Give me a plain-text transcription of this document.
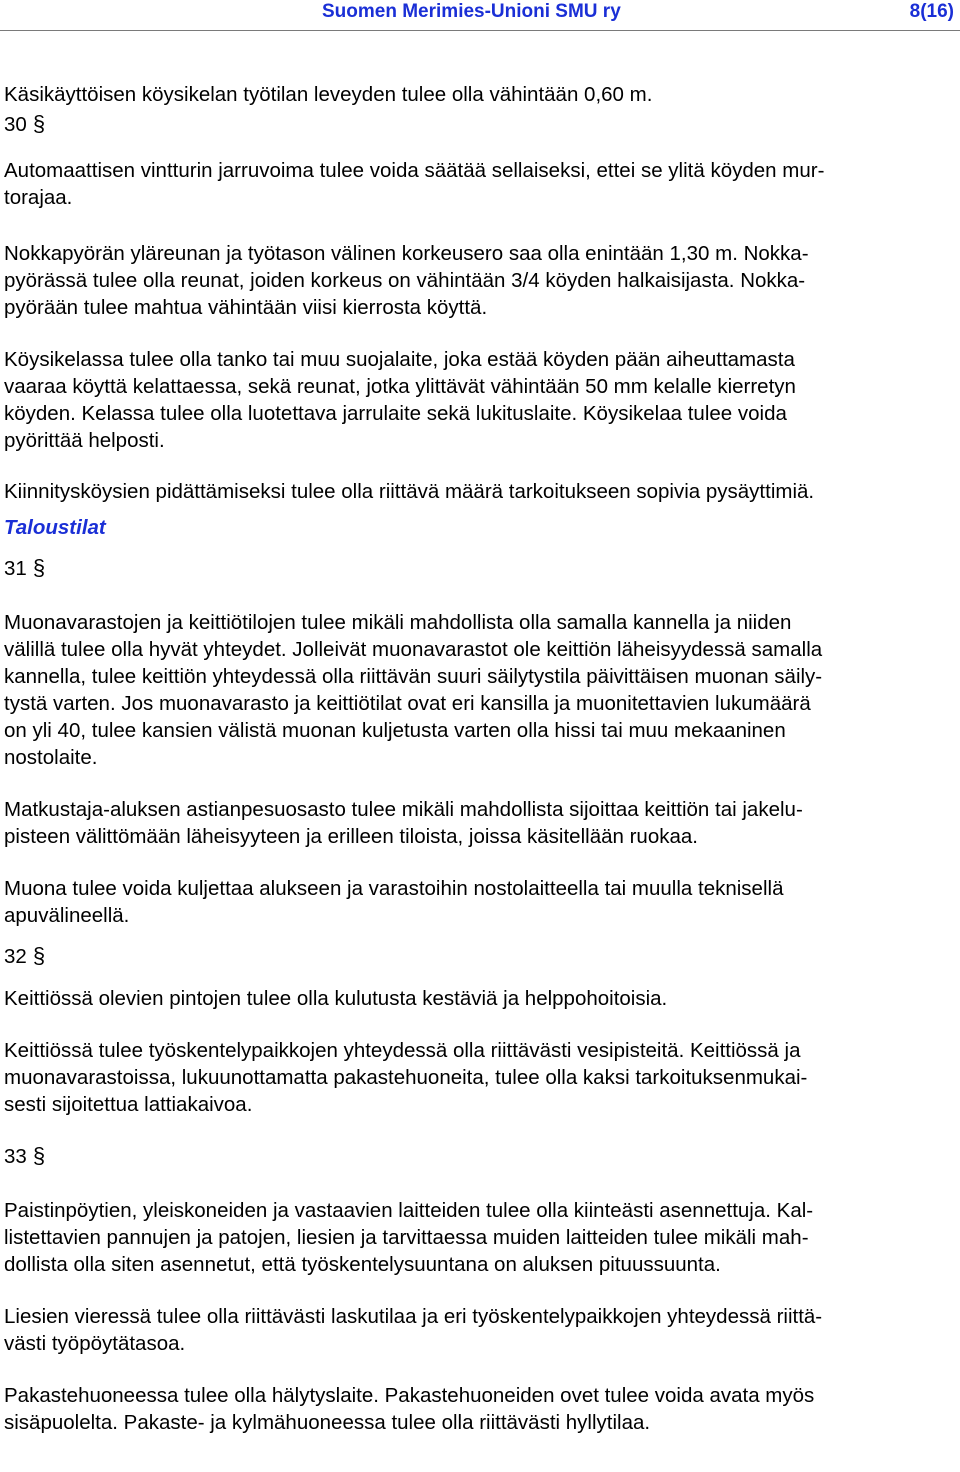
Suomen Merimies-Unioni SMU ry	8(16)

Käsikäyttöisen köysikelan työtilan leveyden tulee olla vähintään 0,60 m.

30 §

Automaattisen vintturin jarruvoima tulee voida säätää sellaiseksi, ettei se ylitä köyden mur-
torajaa.

Nokkapyörän yläreunan ja työtason välinen korkeusero saa olla enintään 1,30 m. Nokka-
pyörässä tulee olla reunat, joiden korkeus on vähintään 3/4 köyden halkaisijasta. Nokka-
pyörään tulee mahtua vähintään viisi kierrosta köyttä.

Köysikelassa tulee olla tanko tai muu suojalaite, joka estää köyden pään aiheuttamasta
vaaraa köyttä kelattaessa, sekä reunat, jotka ylittävät vähintään 50 mm kelalle kierretyn
köyden. Kelassa tulee olla luotettava jarrulaite sekä lukituslaite. Köysikelaa tulee voida
pyörittää helposti.

Kiinnitysköysien pidättämiseksi tulee olla riittävä määrä tarkoitukseen sopivia pysäyttimiä.

Taloustilat

31 §

Muonavarastojen ja keittiötilojen tulee mikäli mahdollista olla samalla kannella ja niiden
välillä tulee olla hyvät yhteydet. Jolleivät muonavarastot ole keittiön läheisyydessä samalla
kannella, tulee keittiön yhteydessä olla riittävän suuri säilytystila päivittäisen muonan säily-
tystä varten. Jos muonavarasto ja keittiötilat ovat eri kansilla ja muonitettavien lukumäärä
on yli 40, tulee kansien välistä muonan kuljetusta varten olla hissi tai muu mekaaninen
nostolaite.

Matkustaja-aluksen astianpesuosasto tulee mikäli mahdollista sijoittaa keittiön tai jakelu-
pisteen välittömään läheisyyteen ja erilleen tiloista, joissa käsitellään ruokaa.

Muona tulee voida kuljettaa alukseen ja varastoihin nostolaitteella tai muulla teknisellä
apuvälineellä.

32 §

Keittiössä olevien pintojen tulee olla kulutusta kestäviä ja helppohoitoisia.

Keittiössä tulee työskentelypaikkojen yhteydessä olla riittävästi vesipisteitä. Keittiössä ja
muonavarastoissa, lukuunottamatta pakastehuoneita, tulee olla kaksi tarkoituksenmukai-
sesti sijoitettua lattiakaivoa.

33 §

Paistinpöytien, yleiskoneiden ja vastaavien laitteiden tulee olla kiinteästi asennettuja. Kal-
listettavien pannujen ja patojen, liesien ja tarvittaessa muiden laitteiden tulee mikäli mah-
dollista olla siten asennetut, että työskentelysuuntana on aluksen pituussuunta.

Liesien vieressä tulee olla riittävästi laskutilaa ja eri työskentelypaikkojen yhteydessä riittä-
västi työpöytätasoa.

Pakastehuoneessa tulee olla hälytyslaite. Pakastehuoneiden ovet tulee voida avata myös
sisäpuolelta. Pakaste- ja kylmähuoneessa tulee olla riittävästi hyllytilaa.
